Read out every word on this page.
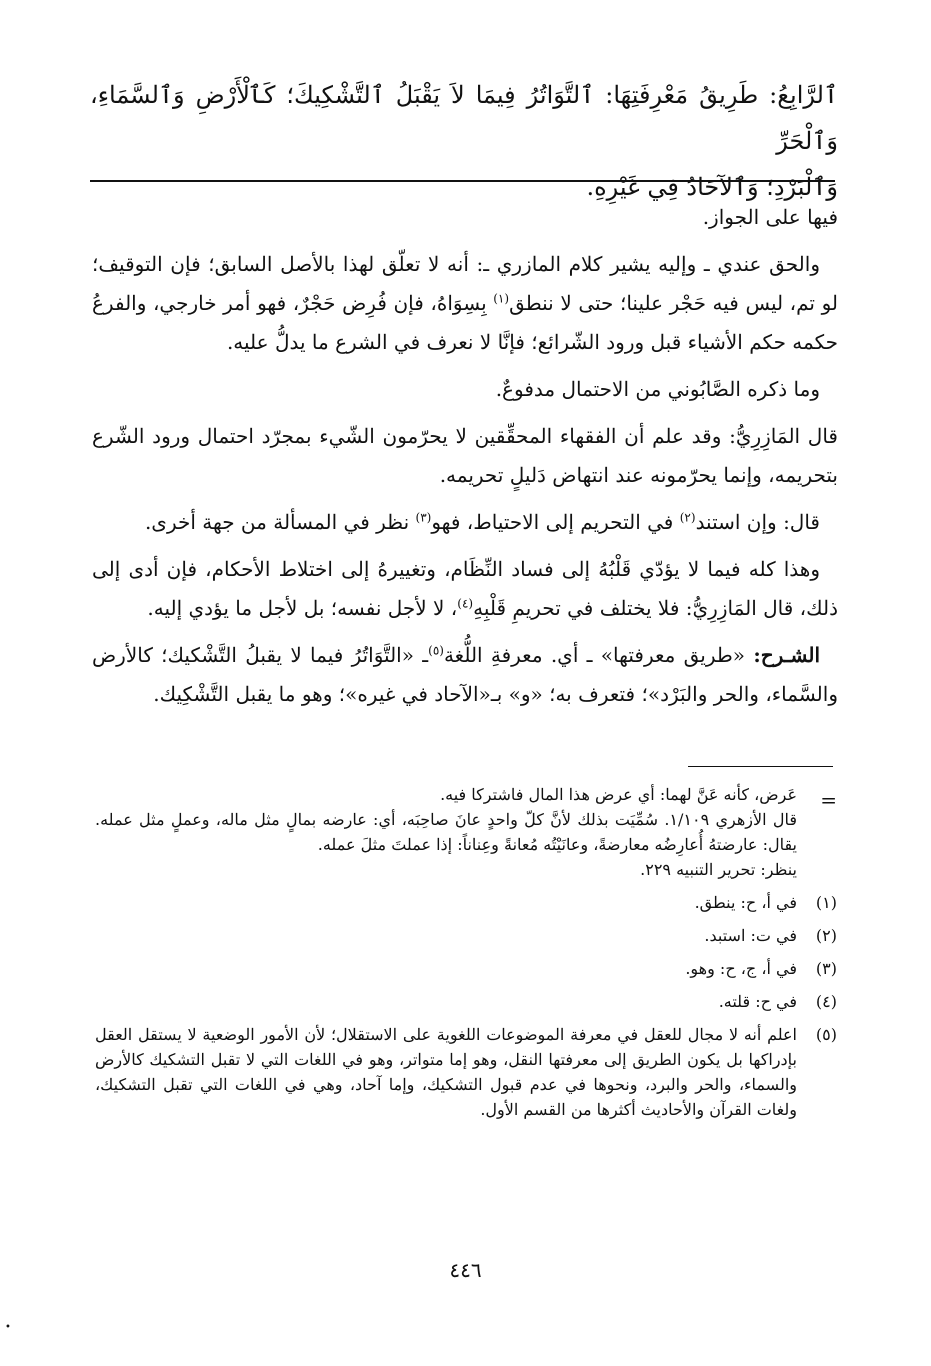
ٱلرَّابِعُ: طَرِيقُ مَعْرِفَتِهَا: ٱلتَّوَاتُرُ فِيمَا لاَ يَقْبَلُ ٱلتَّشْكِيكَ؛ كَٱلْأَرْضِ وَٱلسَّمَاءِ، وَٱلْحَرِّ

وَٱلْبَرْدِ؛ وَٱلآحَادُ فِي غَيْرِهِ.

فيها على الجواز.

والحق عندي ـ وإليه يشير كلام المازري ـ: أنه لا تعلّق لهذا بالأصل السابق؛ فإن التوقيف؛ لو تم، ليس فيه حَجْر علينا؛ حتى لا ننطق$^{(١)}$ بِسِوَاهُ، فإن فُرِض حَجْرٌ، فهو أمر خارجي، والفرعُ حكمه حكم الأشياء قبل ورود الشّرائع؛ فإنَّا لا نعرف في الشرع ما يدلُّ عليه.

وما ذكره الصَّابُوني من الاحتمال مدفوعٌ.

قال المَازِرِيُّ: وقد علم أن الفقهاء المحقِّقين لا يحرّمون الشّيء بمجرّد احتمال ورود الشّرع بتحريمه، وإنما يحرّمونه عند انتهاض دَليلٍ تحريمه.

قال: وإن استند$^{(٢)}$ في التحريم إلى الاحتياط، فهو$^{(٣)}$ نظر في المسألة من جهة أخرى.

وهذا كله فيما لا يؤدّي قَلْبُهُ إلى فساد النِّظَام، وتغييرهُ إلى اختلاط الأحكام، فإن أدى إلى ذلك، قال المَازِرِيُّ: فلا يختلف في تحريمِ قَلْبِهِ$^{(٤)}$، لا لأجل نفسه؛ بل لأجل ما يؤدي إليه.

الشـرح: «طريق معرفتها» ـ أي. معرفةِ اللُّغة$^{(٥)}$ـ «التَّوَاتُرُ فيما لا يقبلُ التَّشْكيك؛ كالأرض والسَّماء، والحر والبَرْد»؛ فتعرف به؛ «و» بـ«الآحاد في غيره»؛ وهو ما يقبل التَّشْكِيك.

=

عَرض، كأنه عَنَّ لهما: أي عرض هذا المال فاشتركا فيه.

قال الأزهري ١/١٠٩. سُمِّيَت بذلك لأنَّ كلّ واحدٍ عانَ صاحِبَه، أي: عارضه بمالٍ مثل ماله، وعملٍ مثل عمله. يقال: عارضتهُ أُعارِضُه معارضةً، وعانَيْتُه مُعانةً وعِناناً: إذا عملتَ مثلَ عمله.

ينظر: تحرير التنبيه ٢٢٩.

(١)
في أ، ح: ينطق.
(٢)
في ت: استبد.
(٣)
في أ، ج، ح: وهو.
(٤)
في ح: قلته.
(٥)
اعلم أنه لا مجال للعقل في معرفة الموضوعات اللغوية على الاستقلال؛ لأن الأمور الوضعية لا يستقل العقل بإدراكها بل يكون الطريق إلى معرفتها النقل، وهو إما متواتر، وهو في اللغات التي لا تقبل التشكيك كالأرض والسماء، والحر والبرد، ونحوها في عدم قبول التشكيك، وإما آحاد، وهي في اللغات التي تقبل التشكيك، ولغات القرآن والأحاديث أكثرها من القسم الأول.
٤٤٦
•
